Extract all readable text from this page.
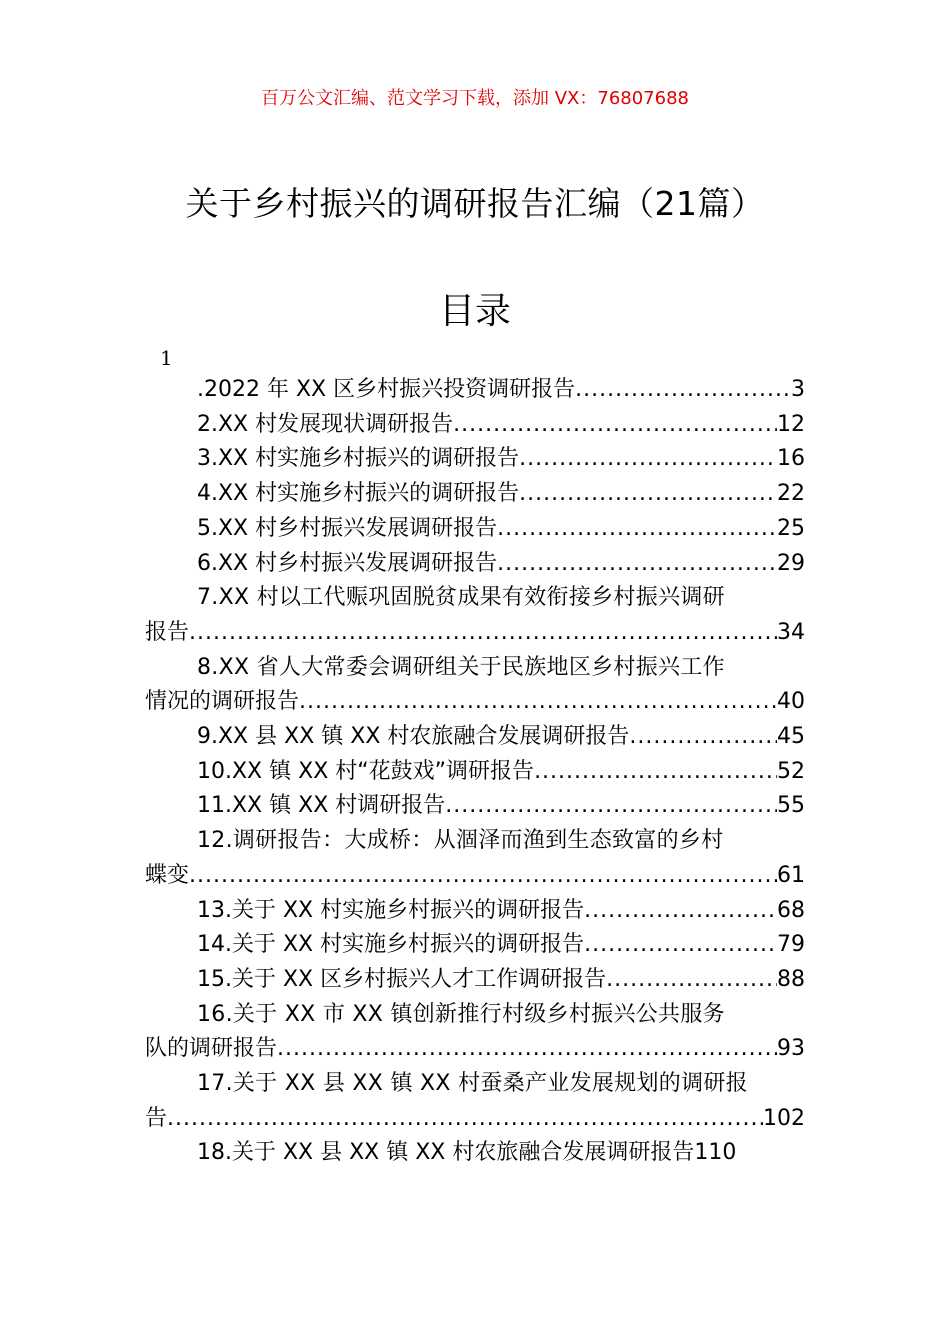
百万公文汇编、范文学习下载，添加 VX：76807688
关于乡村振兴的调研报告汇编（21篇）
目录
1
.2022 年 XX 区乡村振兴投资调研报告 .....	3
2.XX 村发展现状调研报告 .....	12
3.XX 村实施乡村振兴的调研报告 .....	16
4.XX 村实施乡村振兴的调研报告 .....	22
5.XX 村乡村振兴发展调研报告 .....	25
6.XX 村乡村振兴发展调研报告 .....	29
7.XX 村以工代赈巩固脱贫成果有效衔接乡村振兴调研
报告 .....	34
8.XX 省人大常委会调研组关于民族地区乡村振兴工作
情况的调研报告 .....	40
9.XX 县 XX 镇 XX 村农旅融合发展调研报告 .....	45
10.XX 镇 XX 村“花鼓戏”调研报告 .....	52
11.XX 镇 XX 村调研报告 .....	55
12.调研报告：大成桥：从涸泽而渔到生态致富的乡村
蝶变 .....	61
13.关于 XX 村实施乡村振兴的调研报告 .....	68
14.关于 XX 村实施乡村振兴的调研报告 .....	79
15.关于 XX 区乡村振兴人才工作调研报告 .....	88
16.关于 XX 市 XX 镇创新推行村级乡村振兴公共服务
队的调研报告 .....	93
17.关于 XX 县 XX 镇 XX 村蚕桑产业发展规划的调研报
告 .....	102
18.关于 XX 县 XX 镇 XX 村农旅融合发展调研报告 110
